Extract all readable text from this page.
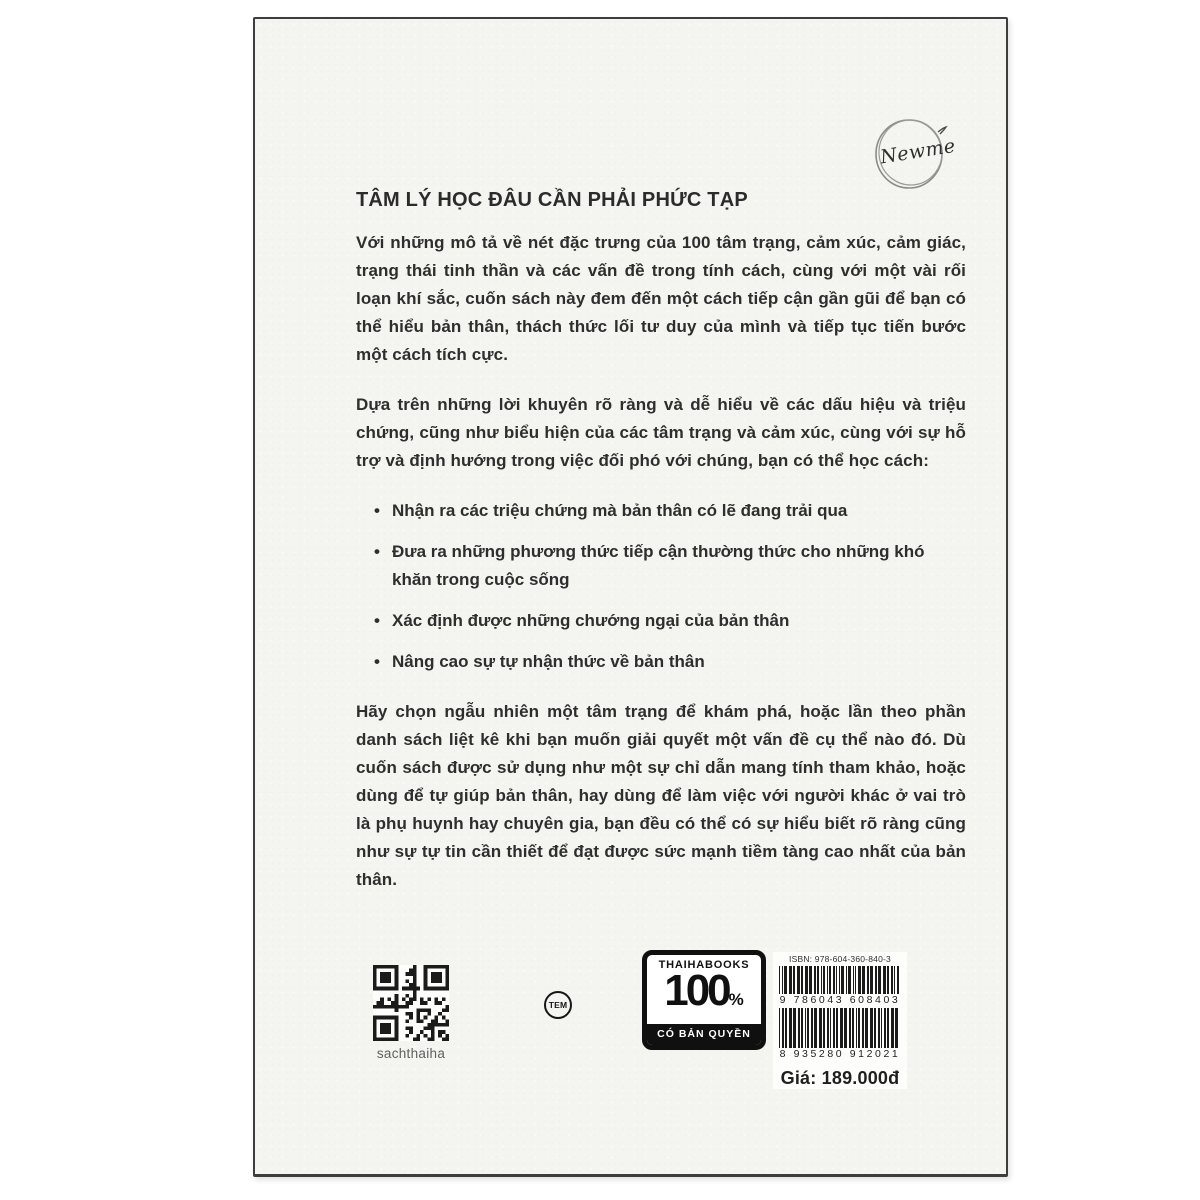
Newme
TÂM LÝ HỌC ĐÂU CẦN PHẢI PHỨC TẠP

Với những mô tả về nét đặc trưng của 100 tâm trạng, cảm xúc, cảm giác, trạng thái tinh thần và các vấn đề trong tính cách, cùng với một vài rối loạn khí sắc, cuốn sách này đem đến một cách tiếp cận gần gũi để bạn có thể hiểu bản thân, thách thức lối tư duy của mình và tiếp tục tiến bước một cách tích cực.

Dựa trên những lời khuyên rõ ràng và dễ hiểu về các dấu hiệu và triệu chứng, cũng như biểu hiện của các tâm trạng và cảm xúc, cùng với sự hỗ trợ và định hướng trong việc đối phó với chúng, bạn có thể học cách:

• Nhận ra các triệu chứng mà bản thân có lẽ đang trải qua
• Đưa ra những phương thức tiếp cận thường thức cho những khó khăn trong cuộc sống
• Xác định được những chướng ngại của bản thân
• Nâng cao sự tự nhận thức về bản thân

Hãy chọn ngẫu nhiên một tâm trạng để khám phá, hoặc lần theo phần danh sách liệt kê khi bạn muốn giải quyết một vấn đề cụ thể nào đó. Dù cuốn sách được sử dụng như một sự chỉ dẫn mang tính tham khảo, hoặc dùng để tự giúp bản thân, hay dùng để làm việc với người khác ở vai trò là phụ huynh hay chuyên gia, bạn đều có thể có sự hiểu biết rõ ràng cũng như sự tự tin cần thiết để đạt được sức mạnh tiềm tàng cao nhất của bản thân.

sachthaiha
TEM
THAIHABOOKS
100%
CÓ BẢN QUYỀN
ISBN: 978-604-360-840-3
9 786043 608403
8 935280 912021
Giá: 189.000đ
